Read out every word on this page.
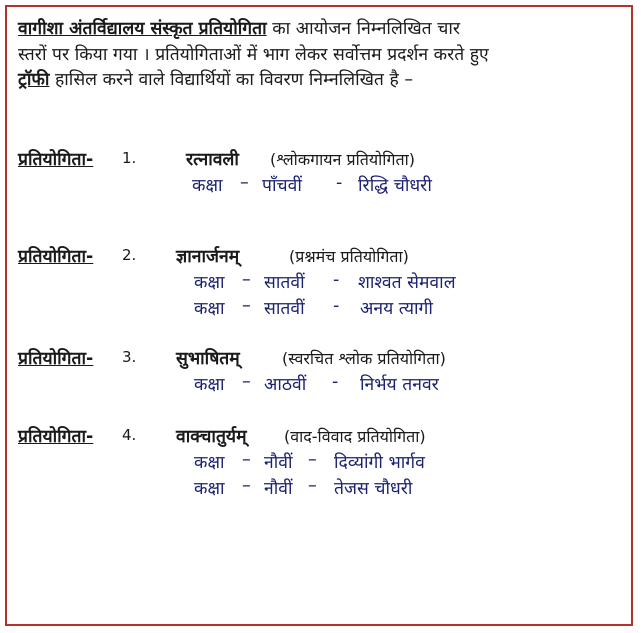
वागीशा अंतर्विद्यालय संस्कृत प्रतियोगिता का आयोजन निम्नलिखित चार
स्तरों पर किया गया । प्रतियोगिताओं में भाग लेकर सर्वोत्तम प्रदर्शन करते हुए
ट्रॉफी हासिल करने वाले विद्यार्थियों का विवरण निम्नलिखित है –
प्रतियोगिता- 1.	रत्नावली (श्लोकगायन प्रतियोगिता)
कक्षा – पाँचवीं - रिद्धि चौधरी
प्रतियोगिता- 2. ज्ञानार्जनम्	(प्रश्नमंच प्रतियोगिता)
कक्षा – सातवीं - शाश्वत सेमवाल
कक्षा – सातवीं - अनय त्यागी
प्रतियोगिता- 3. सुभाषितम्	(स्वरचित श्लोक प्रतियोगिता)
कक्षा – आठवीं - निर्भय तनवर
प्रतियोगिता- 4. वाक्चातुर्यम् (वाद-विवाद प्रतियोगिता)
कक्षा – नौवीं – दिव्यांगी भार्गव
कक्षा – नौवीं – तेजस चौधरी
